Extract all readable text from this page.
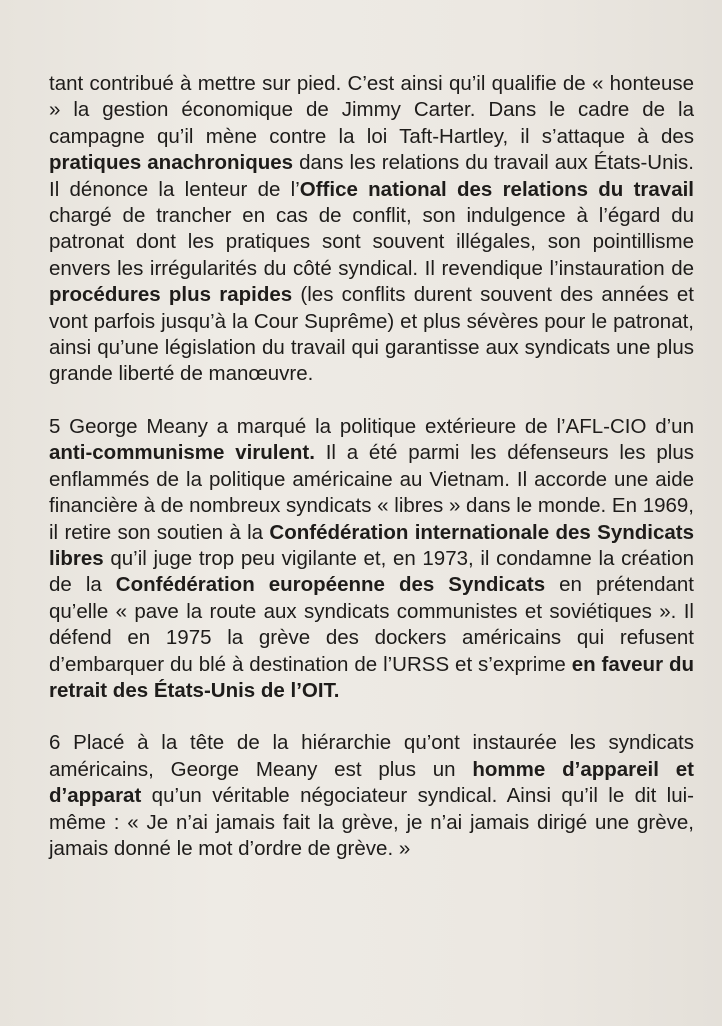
tant contribué à mettre sur pied. C’est ainsi qu’il qualifie de « honteuse » la gestion économique de Jimmy Carter. Dans le cadre de la campagne qu’il mène contre la loi Taft-Hartley, il s’attaque à des pratiques anachroniques dans les relations du travail aux États-Unis. Il dénonce la lenteur de l’Office national des relations du travail chargé de trancher en cas de conflit, son indulgence à l’égard du patronat dont les pratiques sont souvent illégales, son pointillisme envers les irrégularités du côté syndical. Il revendique l’instauration de procédures plus rapides (les conflits durent souvent des années et vont parfois jusqu’à la Cour Suprême) et plus sévères pour le patronat, ainsi qu’une législation du travail qui garantisse aux syndicats une plus grande liberté de manœuvre.

5 George Meany a marqué la politique extérieure de l’AFL-CIO d’un anti-communisme virulent. Il a été parmi les défenseurs les plus enflammés de la politique américaine au Vietnam. Il accorde une aide financière à de nombreux syndicats « libres » dans le monde. En 1969, il retire son soutien à la Confédération internationale des Syndicats libres qu’il juge trop peu vigilante et, en 1973, il condamne la création de la Confédération européenne des Syndicats en prétendant qu’elle « pave la route aux syndicats communistes et soviétiques ». Il défend en 1975 la grève des dockers américains qui refusent d’embarquer du blé à destination de l’URSS et s’exprime en faveur du retrait des États-Unis de l’OIT.

6 Placé à la tête de la hiérarchie qu’ont instaurée les syndicats américains, George Meany est plus un homme d’appareil et d’apparat qu’un véritable négociateur syndical. Ainsi qu’il le dit lui-même : « Je n’ai jamais fait la grève, je n’ai jamais dirigé une grève, jamais donné le mot d’ordre de grève. »
